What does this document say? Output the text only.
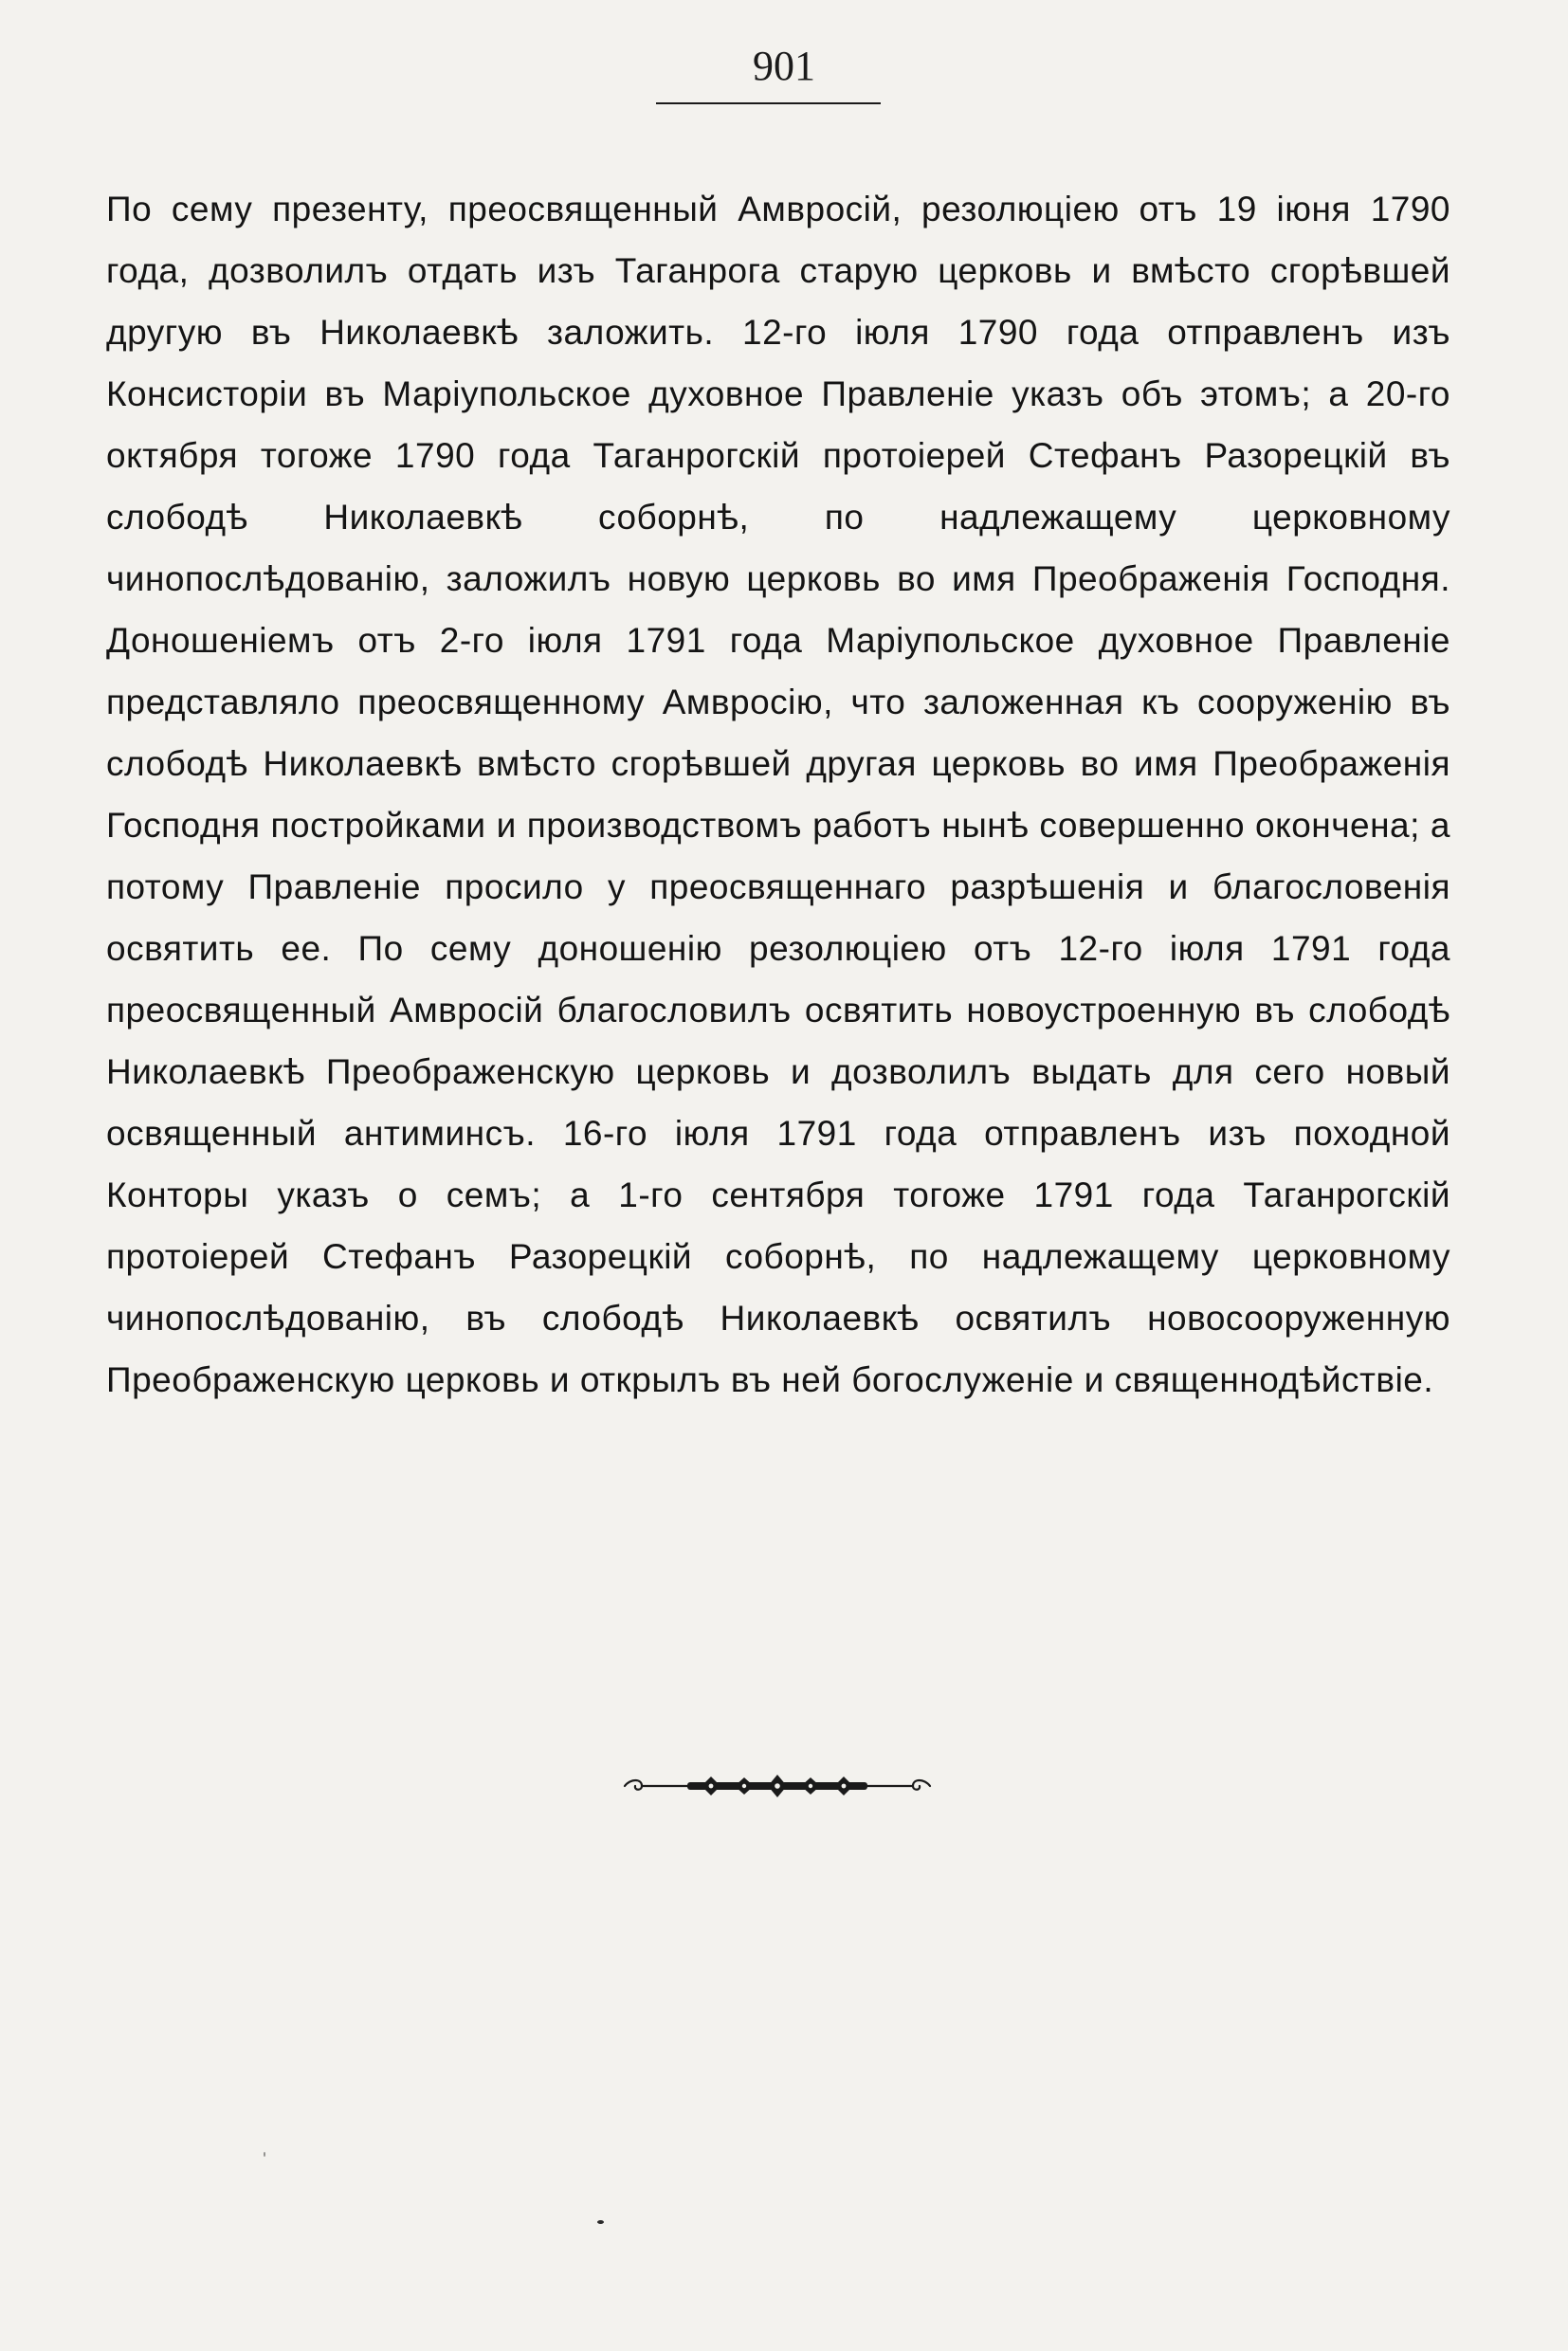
901

По сему презенту, преосвященный Амвросій, резолюціею отъ 19 іюня 1790 года, дозволилъ отдать изъ Таганрога старую церковь и вмѣсто сгорѣвшей другую въ Николаевкѣ заложить. 12-го іюля 1790 года отправленъ изъ Консисторіи въ Маріупольское духовное Правленіе указъ объ этомъ; а 20-го октября тогоже 1790 года Таганрогскій протоіерей Стефанъ Разорецкій въ слободѣ Николаевкѣ соборнѣ, по надлежащему церковному чинопослѣдованію, заложилъ новую церковь во имя Преображенія Господня. Доношеніемъ отъ 2-го іюля 1791 года Маріупольское духовное Правленіе представляло преосвященному Амвросію, что заложенная къ сооруженію въ слободѣ Николаевкѣ вмѣсто сгорѣвшей другая церковь во имя Преображенія Господня постройками и производствомъ работъ нынѣ совершенно окончена; а потому Правленіе просило у преосвященнаго разрѣшенія и благословенія освятить ее. По сему доношенію резолюціею отъ 12-го іюля 1791 года преосвященный Амвросій благословилъ освятить новоустроенную въ слободѣ Николаевкѣ Преображенскую церковь и дозволилъ выдать для сего новый освященный антиминсъ. 16-го іюля 1791 года отправленъ изъ походной Конторы указъ о семъ; а 1-го сентября тогоже 1791 года Таганрогскій протоіерей Стефанъ Разорецкій соборнѣ, по надлежащему церковному чинопослѣдованію, въ слободѣ Николаевкѣ освятилъ новосооруженную Преображенскую церковь и открылъ въ ней богослуженіе и священнодѣйствіе.
